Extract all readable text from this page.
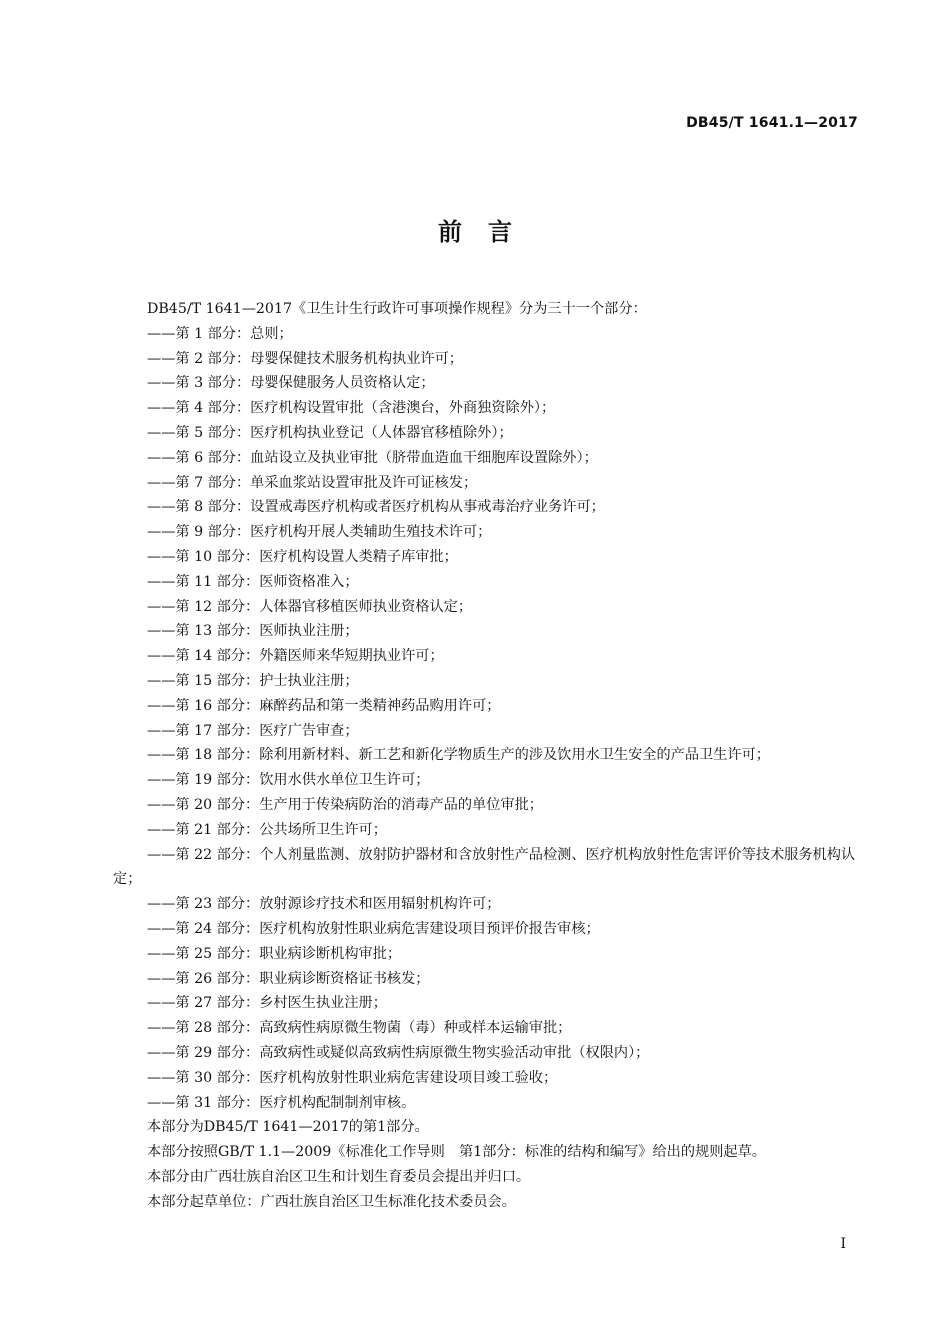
DB45/T 1641.1—2017
前言

DB45/T 1641—2017《卫生计生行政许可事项操作规程》分为三十一个部分：

——第 1 部分：总则；

——第 2 部分：母婴保健技术服务机构执业许可；

——第 3 部分：母婴保健服务人员资格认定；

——第 4 部分：医疗机构设置审批（含港澳台，外商独资除外）；

——第 5 部分：医疗机构执业登记（人体器官移植除外）；

——第 6 部分：血站设立及执业审批（脐带血造血干细胞库设置除外）；

——第 7 部分：单采血浆站设置审批及许可证核发；

——第 8 部分：设置戒毒医疗机构或者医疗机构从事戒毒治疗业务许可；

——第 9 部分：医疗机构开展人类辅助生殖技术许可；

——第 10 部分：医疗机构设置人类精子库审批；

——第 11 部分：医师资格准入；

——第 12 部分：人体器官移植医师执业资格认定；

——第 13 部分：医师执业注册；

——第 14 部分：外籍医师来华短期执业许可；

——第 15 部分：护士执业注册；

——第 16 部分：麻醉药品和第一类精神药品购用许可；

——第 17 部分：医疗广告审查；

——第 18 部分：除利用新材料、新工艺和新化学物质生产的涉及饮用水卫生安全的产品卫生许可；

——第 19 部分：饮用水供水单位卫生许可；

——第 20 部分：生产用于传染病防治的消毒产品的单位审批；

——第 21 部分：公共场所卫生许可；

——第 22 部分：个人剂量监测、放射防护器材和含放射性产品检测、医疗机构放射性危害评价等技术服务机构认定；

——第 23 部分：放射源诊疗技术和医用辐射机构许可；

——第 24 部分：医疗机构放射性职业病危害建设项目预评价报告审核；

——第 25 部分：职业病诊断机构审批；

——第 26 部分：职业病诊断资格证书核发；

——第 27 部分：乡村医生执业注册；

——第 28 部分：高致病性病原微生物菌（毒）种或样本运输审批；

——第 29 部分：高致病性或疑似高致病性病原微生物实验活动审批（权限内）；

——第 30 部分：医疗机构放射性职业病危害建设项目竣工验收；

——第 31 部分：医疗机构配制制剂审核。

本部分为DB45/T 1641—2017的第1部分。

本部分按照GB/T 1.1—2009《标准化工作导则　第1部分：标准的结构和编写》给出的规则起草。

本部分由广西壮族自治区卫生和计划生育委员会提出并归口。

本部分起草单位：广西壮族自治区卫生标准化技术委员会。

I
